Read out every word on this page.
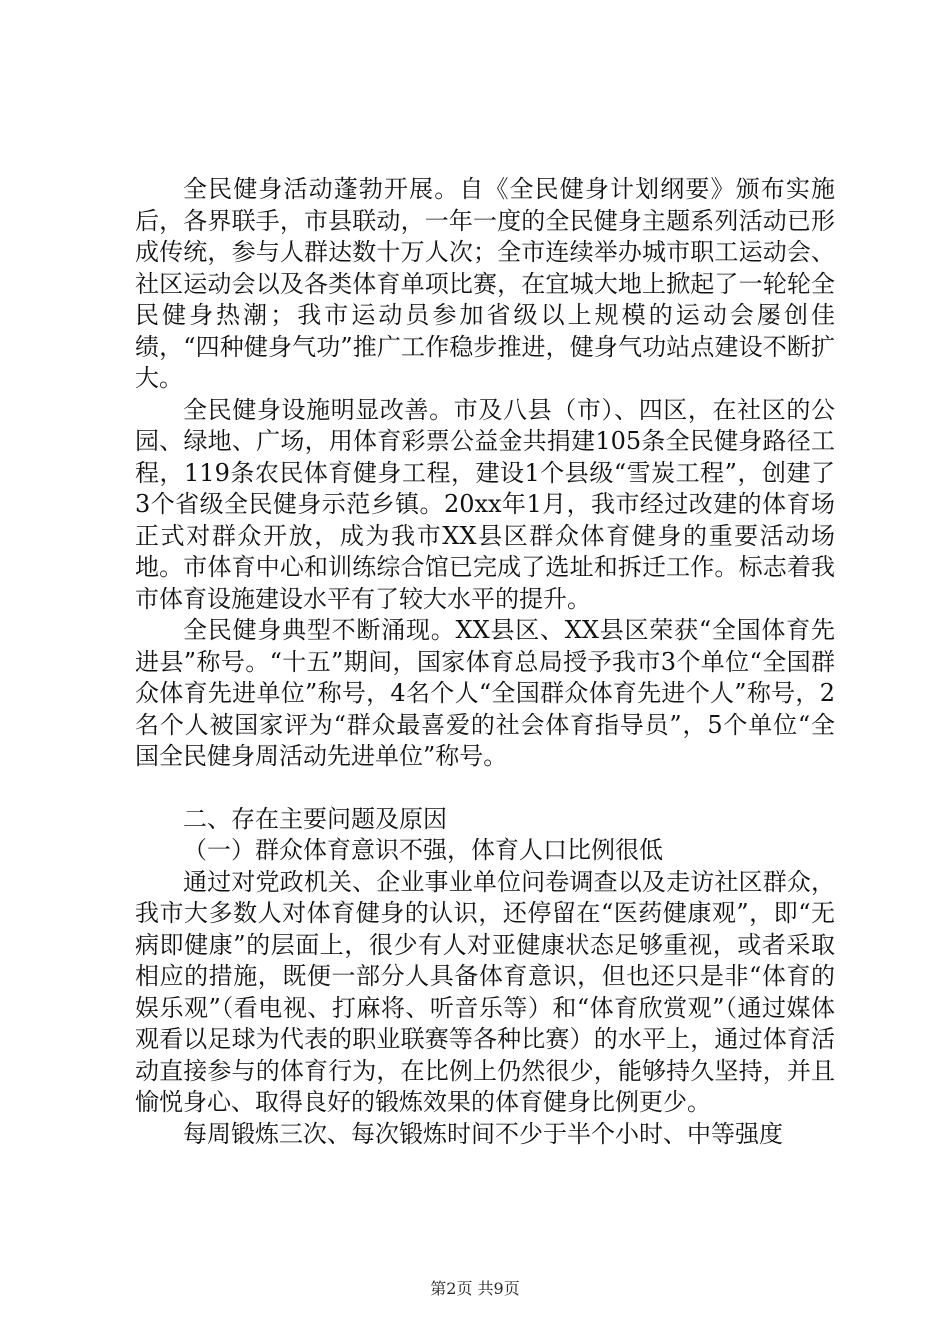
全民健身活动蓬勃开展。自《全民健身计划纲要》颁布实施后，各界联手，市县联动，一年一度的全民健身主题系列活动已形成传统，参与人群达数十万人次；全市连续举办城市职工运动会、社区运动会以及各类体育单项比赛，在宜城大地上掀起了一轮轮全民健身热潮；我市运动员参加省级以上规模的运动会屡创佳绩，“四种健身气功”推广工作稳步推进，健身气功站点建设不断扩大。

全民健身设施明显改善。市及八县（市）、四区，在社区的公园、绿地、广场，用体育彩票公益金共捐建105条全民健身路径工程，119条农民体育健身工程，建设1个县级“雪炭工程”，创建了3个省级全民健身示范乡镇。20xx年1月，我市经过改建的体育场正式对群众开放，成为我市XX县区群众体育健身的重要活动场地。市体育中心和训练综合馆已完成了选址和拆迁工作。标志着我市体育设施建设水平有了较大水平的提升。

全民健身典型不断涌现。XX县区、XX县区荣获“全国体育先进县”称号。“十五”期间，国家体育总局授予我市3个单位“全国群众体育先进单位”称号，4名个人“全国群众体育先进个人”称号，2名个人被国家评为“群众最喜爱的社会体育指导员”，5个单位“全国全民健身周活动先进单位”称号。

二、存在主要问题及原因

（一）群众体育意识不强，体育人口比例很低

通过对党政机关、企业事业单位问卷调查以及走访社区群众，我市大多数人对体育健身的认识，还停留在“医药健康观”，即“无病即健康”的层面上，很少有人对亚健康状态足够重视，或者采取相应的措施，既便一部分人具备体育意识，但也还只是非“体育的娱乐观”（看电视、打麻将、听音乐等）和“体育欣赏观”（通过媒体观看以足球为代表的职业联赛等各种比赛）的水平上，通过体育活动直接参与的体育行为，在比例上仍然很少，能够持久坚持，并且愉悦身心、取得良好的锻炼效果的体育健身比例更少。

每周锻炼三次、每次锻炼时间不少于半个小时、中等强度

第2页 共9页
